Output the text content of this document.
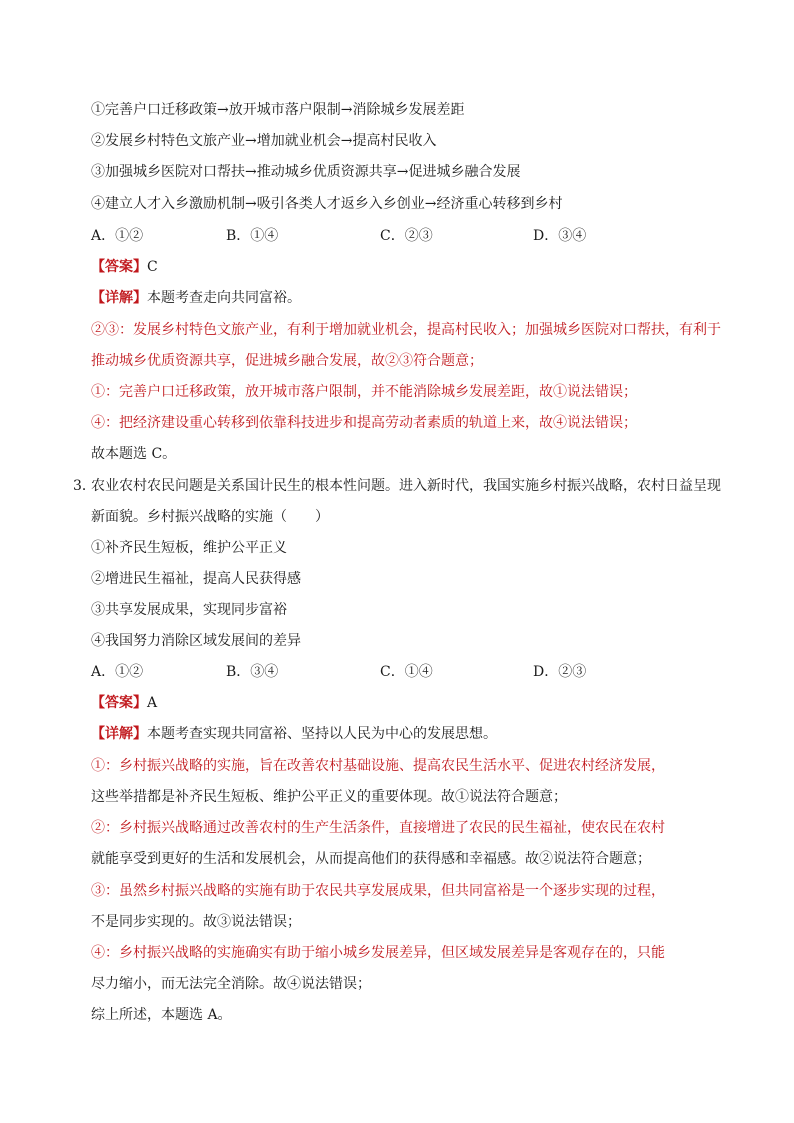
①完善户口迁移政策→放开城市落户限制→消除城乡发展差距
②发展乡村特色文旅产业→增加就业机会→提高村民收入
③加强城乡医院对口帮扶→推动城乡优质资源共享→促进城乡融合发展
④建立人才入乡激励机制→吸引各类人才返乡入乡创业→经济重心转移到乡村
A．①②	B．①④	C．②③	D．③④
【答案】C
【详解】本题考查走向共同富裕。
②③：发展乡村特色文旅产业，有利于增加就业机会，提高村民收入；加强城乡医院对口帮扶，有利于
推动城乡优质资源共享，促进城乡融合发展，故②③符合题意；
①：完善户口迁移政策，放开城市落户限制，并不能消除城乡发展差距，故①说法错误；
④：把经济建设重心转移到依靠科技进步和提高劳动者素质的轨道上来，故④说法错误；
故本题选 C。
3．
农业农村农民问题是关系国计民生的根本性问题。进入新时代，我国实施乡村振兴战略，农村日益呈现
新面貌。乡村振兴战略的实施（　　）
①补齐民生短板，维护公平正义
②增进民生福祉，提高人民获得感
③共享发展成果，实现同步富裕
④我国努力消除区域发展间的差异
A．①②	B．③④	C．①④	D．②③
【答案】A
【详解】本题考查实现共同富裕、坚持以人民为中心的发展思想。
①：乡村振兴战略的实施，旨在改善农村基础设施、提高农民生活水平、促进农村经济发展，
这些举措都是补齐民生短板、维护公平正义的重要体现。故①说法符合题意；
②：乡村振兴战略通过改善农村的生产生活条件，直接增进了农民的民生福祉，使农民在农村
就能享受到更好的生活和发展机会，从而提高他们的获得感和幸福感。故②说法符合题意；
③：虽然乡村振兴战略的实施有助于农民共享发展成果，但共同富裕是一个逐步实现的过程，
不是同步实现的。故③说法错误；
④：乡村振兴战略的实施确实有助于缩小城乡发展差异，但区域发展差异是客观存在的，只能
尽力缩小，而无法完全消除。故④说法错误；
综上所述，本题选 A。
